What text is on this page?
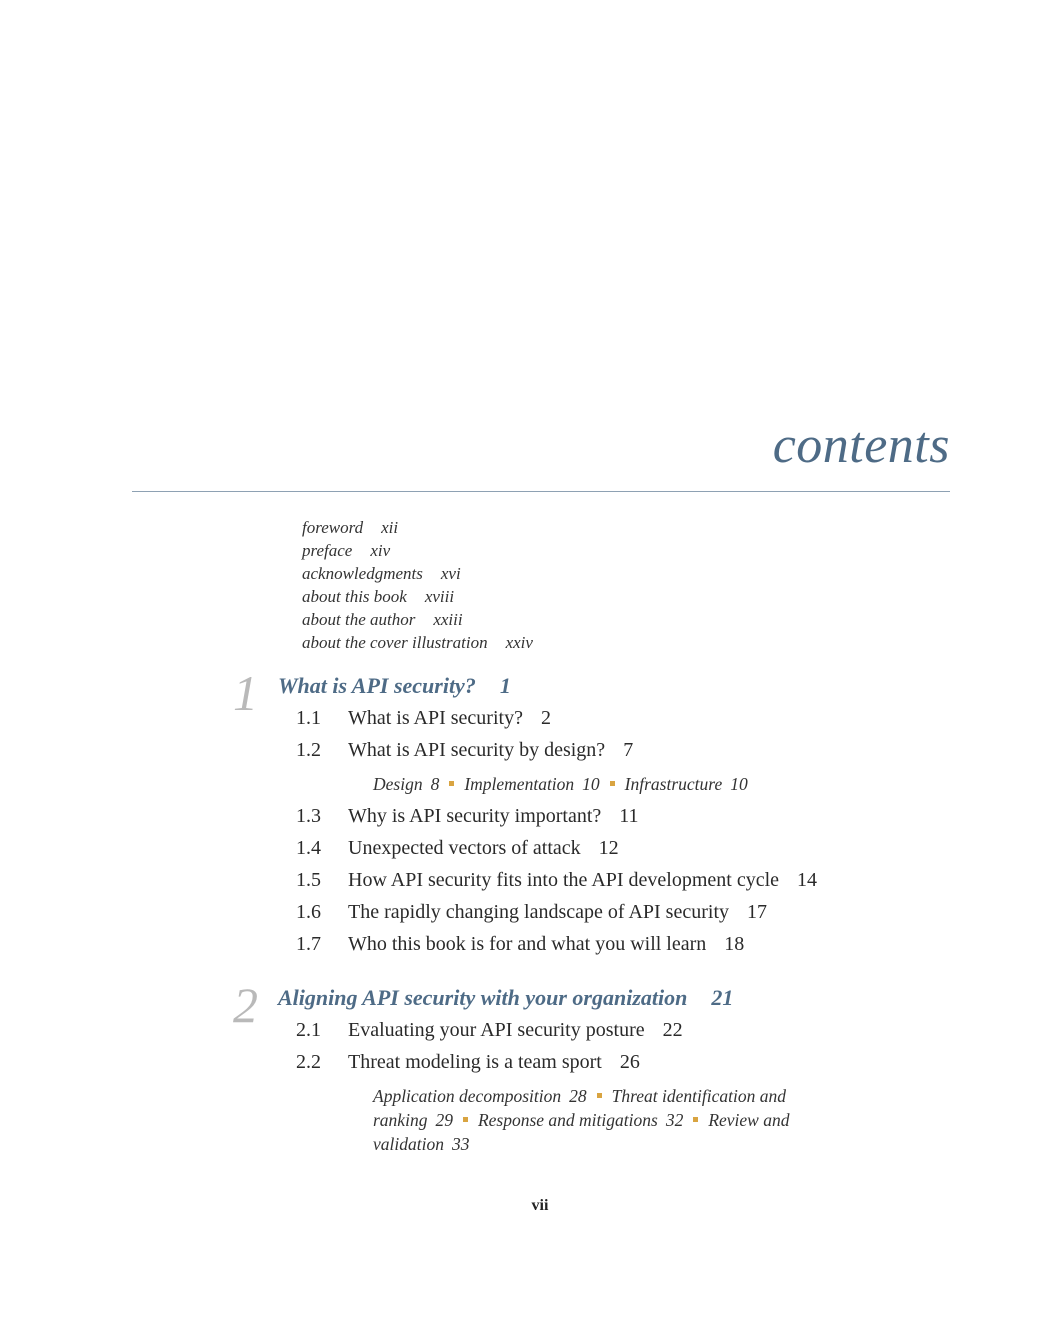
contents
foreword xii
preface xiv
acknowledgments xvi
about this book xviii
about the author xxiii
about the cover illustration xxiv
1 What is API security? 1
1.1 What is API security? 2
1.2 What is API security by design? 7
Design 8 Implementation 10 Infrastructure 10
1.3 Why is API security important? 11
1.4 Unexpected vectors of attack 12
1.5 How API security fits into the API development cycle 14
1.6 The rapidly changing landscape of API security 17
1.7 Who this book is for and what you will learn 18
2 Aligning API security with your organization 21
2.1 Evaluating your API security posture 22
2.2 Threat modeling is a team sport 26
Application decomposition 28 Threat identification and ranking 29 Response and mitigations 32 Review and validation 33
vii
